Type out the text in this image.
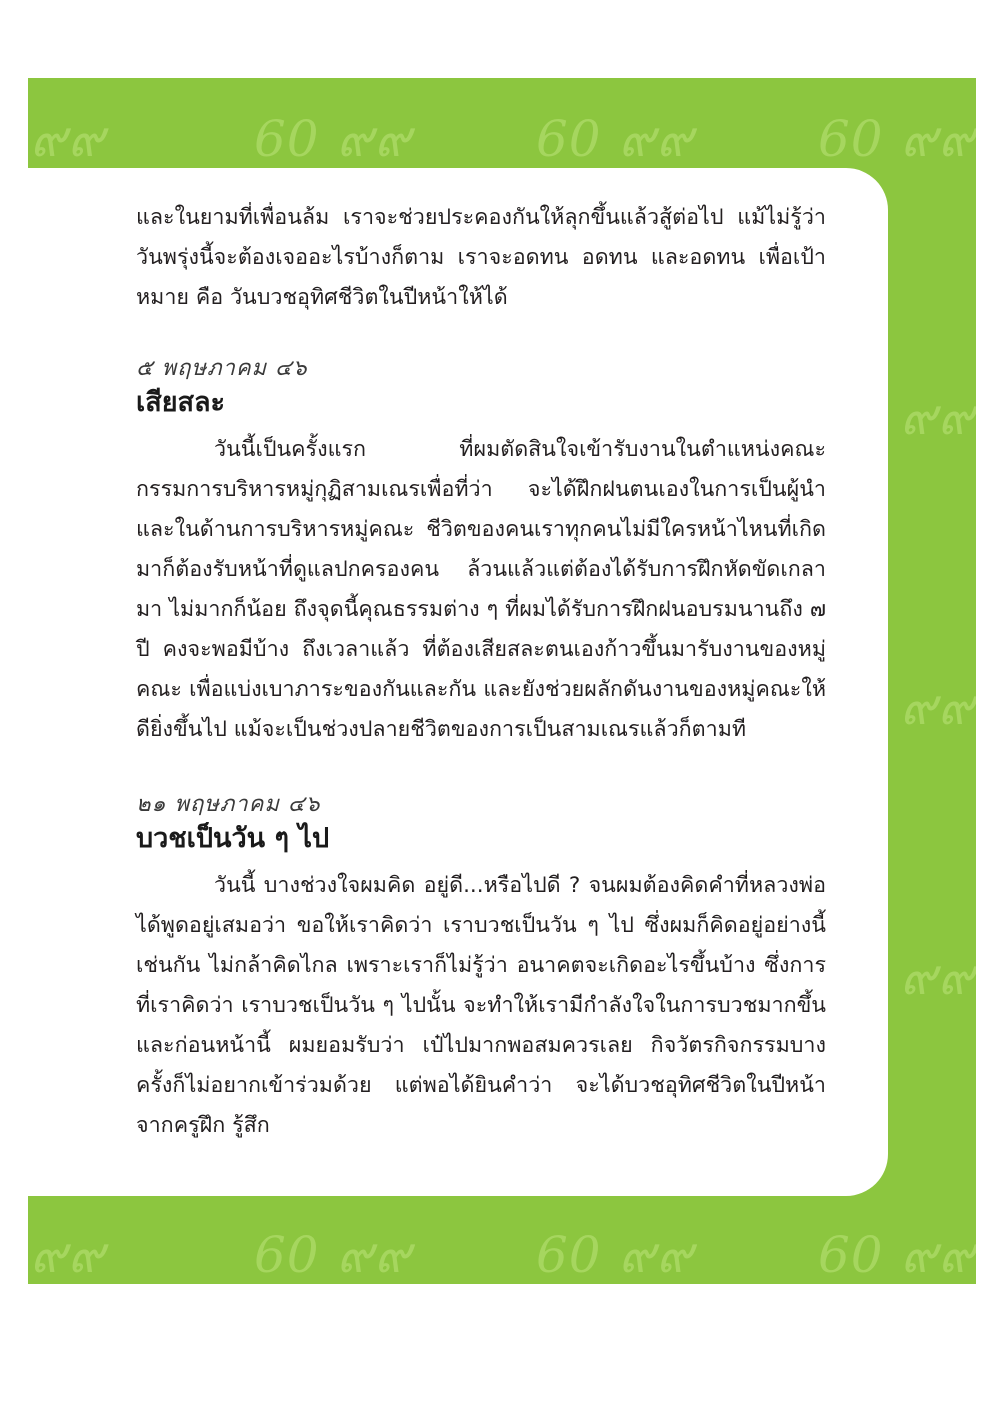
๙๙	60 ๙๙ 60 ๙๙ 60 ๙๙
๙๙
๙๙
๙๙
๙๙	60 ๙๙ 60 ๙๙ 60 ๙๙

และในยามที่เพื่อนล้ม เราจะช่วยประคองกันให้ลุกขึ้นแล้วสู้ต่อไป แม้ไม่รู้ว่าวันพรุ่งนี้จะต้องเจออะไรบ้างก็ตาม เราจะอดทน อดทน และอดทน เพื่อเป้าหมาย คือ วันบวชอุทิศชีวิตในปีหน้าให้ได้

๕ พฤษภาคม ๔๖

เสียสละ

วันนี้เป็นครั้งแรก ที่ผมตัดสินใจเข้ารับงานในตำแหน่งคณะกรรมการบริหารหมู่กุฏิสามเณรเพื่อที่ว่า จะได้ฝึกฝนตนเองในการเป็นผู้นำ และในด้านการบริหารหมู่คณะ ชีวิตของคนเราทุกคนไม่มีใครหน้าไหนที่เกิดมาก็ต้องรับหน้าที่ดูแลปกครองคน ล้วนแล้วแต่ต้องได้รับการฝึกหัดขัดเกลามา ไม่มากก็น้อย ถึงจุดนี้คุณธรรมต่าง ๆ ที่ผมได้รับการฝึกฝนอบรมนานถึง ๗ ปี คงจะพอมีบ้าง ถึงเวลาแล้ว ที่ต้องเสียสละตนเองก้าวขึ้นมารับงานของหมู่คณะ เพื่อแบ่งเบาภาระของกันและกัน และยังช่วยผลักดันงานของหมู่คณะให้ดียิ่งขึ้นไป แม้จะเป็นช่วงปลายชีวิตของการเป็นสามเณรแล้วก็ตามที

๒๑ พฤษภาคม ๔๖

บวชเป็นวัน ๆ ไป

วันนี้ บางช่วงใจผมคิด อยู่ดี...หรือไปดี ? จนผมต้องคิดคำที่หลวงพ่อได้พูดอยู่เสมอว่า ขอให้เราคิดว่า เราบวชเป็นวัน ๆ ไป ซึ่งผมก็คิดอยู่อย่างนี้เช่นกัน ไม่กล้าคิดไกล เพราะเราก็ไม่รู้ว่า อนาคตจะเกิดอะไรขึ้นบ้าง ซึ่งการที่เราคิดว่า เราบวชเป็นวัน ๆ ไปนั้น จะทำให้เรามีกำลังใจในการบวชมากขึ้น และก่อนหน้านี้ ผมยอมรับว่า เป๋ไปมากพอสมควรเลย กิจวัตรกิจกรรมบางครั้งก็ไม่อยากเข้าร่วมด้วย แต่พอได้ยินคำว่า จะได้บวชอุทิศชีวิตในปีหน้าจากครูฝึก รู้สึก
